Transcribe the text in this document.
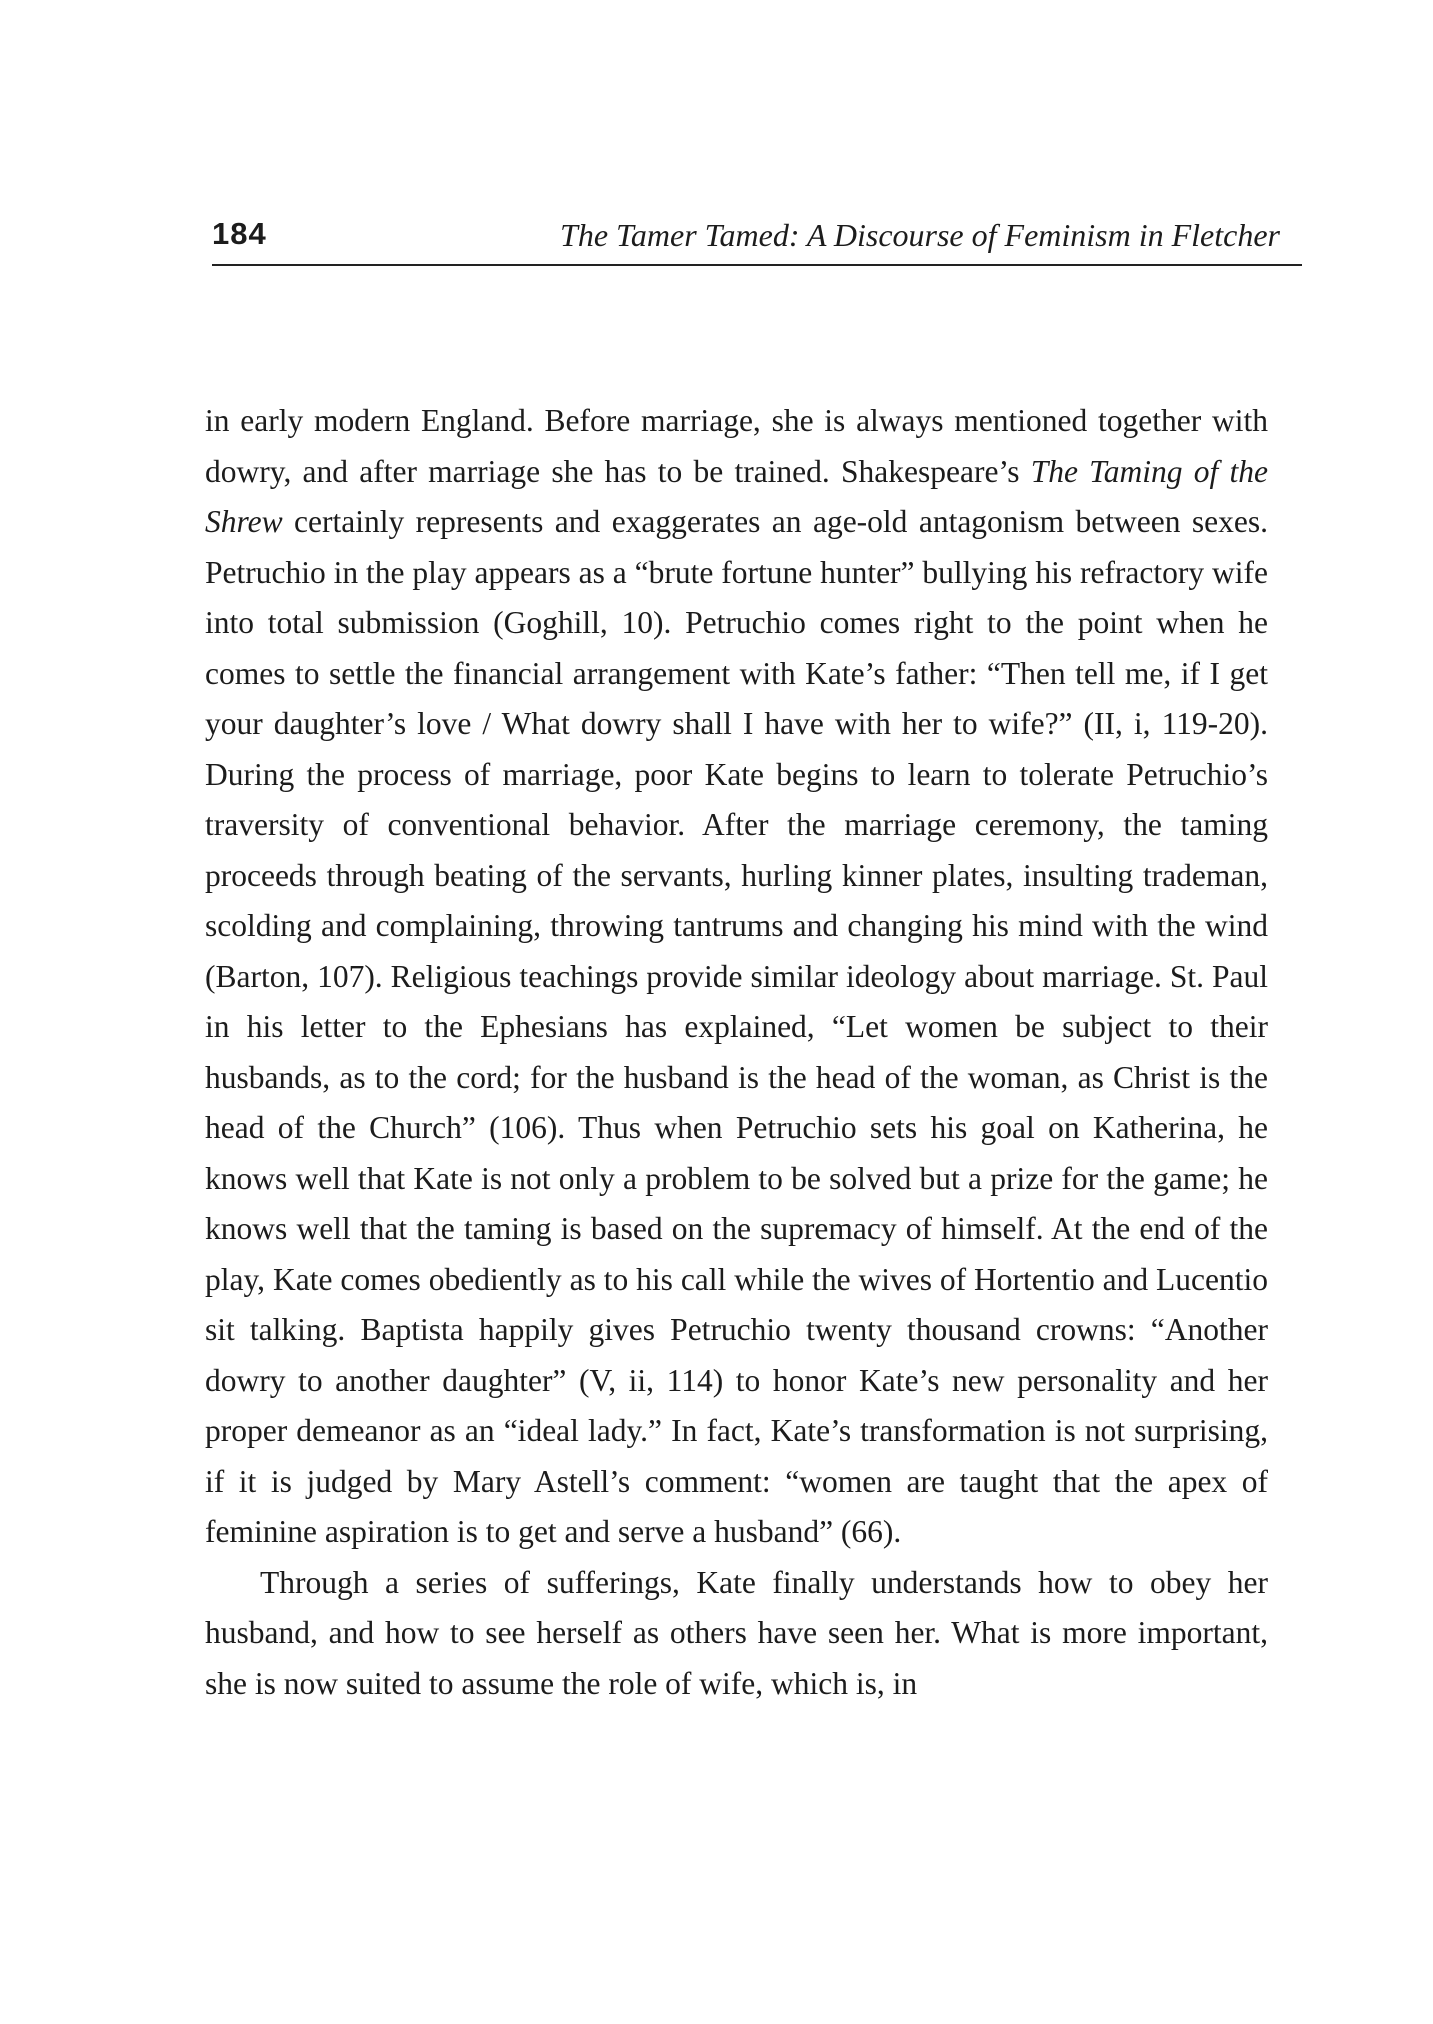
184	The Tamer Tamed: A Discourse of Feminism in Fletcher

in early modern England. Before marriage, she is always mentioned together with dowry, and after marriage she has to be trained. Shakespeare’s The Taming of the Shrew certainly represents and exaggerates an age-old antagonism between sexes. Petruchio in the play appears as a “brute fortune hunter” bullying his refractory wife into total submission (Goghill, 10). Petruchio comes right to the point when he comes to settle the financial arrangement with Kate’s father: “Then tell me, if I get your daughter’s love / What dowry shall I have with her to wife?” (II, i, 119-20). During the process of marriage, poor Kate begins to learn to tolerate Petruchio’s traversity of conventional behavior. After the marriage ceremony, the taming proceeds through beating of the servants, hurling kinner plates, insulting trademan, scolding and complaining, throwing tantrums and changing his mind with the wind (Barton, 107). Religious teachings provide similar ideology about marriage. St. Paul in his letter to the Ephesians has explained, “Let women be subject to their husbands, as to the cord; for the husband is the head of the woman, as Christ is the head of the Church” (106). Thus when Petruchio sets his goal on Katherina, he knows well that Kate is not only a problem to be solved but a prize for the game; he knows well that the taming is based on the supremacy of himself. At the end of the play, Kate comes obediently as to his call while the wives of Hortentio and Lucentio sit talking. Baptista happily gives Petruchio twenty thousand crowns: “Another dowry to another daughter” (V, ii, 114) to honor Kate’s new personality and her proper demeanor as an “ideal lady.” In fact, Kate’s transformation is not surprising, if it is judged by Mary Astell’s comment: “women are taught that the apex of feminine aspiration is to get and serve a husband” (66).

Through a series of sufferings, Kate finally understands how to obey her husband, and how to see herself as others have seen her. What is more important, she is now suited to assume the role of wife, which is, in
